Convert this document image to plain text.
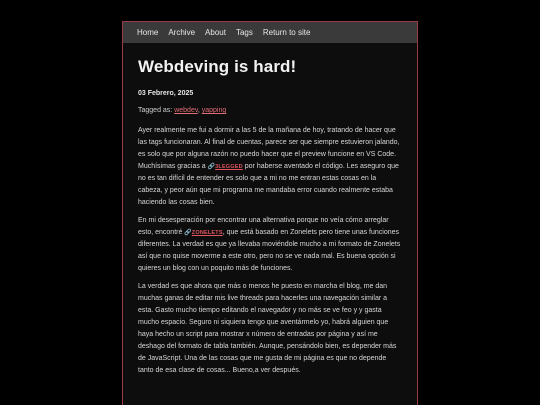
Home Archive About Tags Return to site
Webdeving is hard!
03 Febrero, 2025
Tagged as: webdev, yapping

Ayer realmente me fui a dormir a las 5 de la mañana de hoy, tratando de hacer que las tags funcionaran. Al final de cuentas, parece ser que siempre estuvieron jalando, es solo que por alguna razón no puedo hacer que el preview funcione en VS Code. Muchísimas gracias a 🔗3LEGGED por haberse aventado el código. Les aseguro que no es tan difícil de entender es solo que a mi no me entran estas cosas en la cabeza, y peor aún que mi programa me mandaba error cuando realmente estaba haciendo las cosas bien.

En mi desesperación por encontrar una alternativa porque no veía cómo arreglar esto, encontré 🔗ZONELETS, que está basado en Zonelets pero tiene unas funciones diferentes. La verdad es que ya llevaba moviéndole mucho a mi formato de Zonelets así que no quise moverme a este otro, pero no se ve nada mal. Es buena opción si quieres un blog con un poquito más de funciones.

La verdad es que ahora que más o menos he puesto en marcha el blog, me dan muchas ganas de editar mis live threads para hacerles una navegación similar a esta. Gasto mucho tiempo editando el navegador y no más se ve feo y y gasta mucho espacio. Seguro ni siquiera tengo que aventármelo yo, habrá alguien que haya hecho un script para mostrar x número de entradas por página y así me deshago del formato de tabla también. Aunque, pensándolo bien, es depender más de JavaScript. Una de las cosas que me gusta de mi página es que no depende tanto de esa clase de cosas... Bueno,a ver después.
